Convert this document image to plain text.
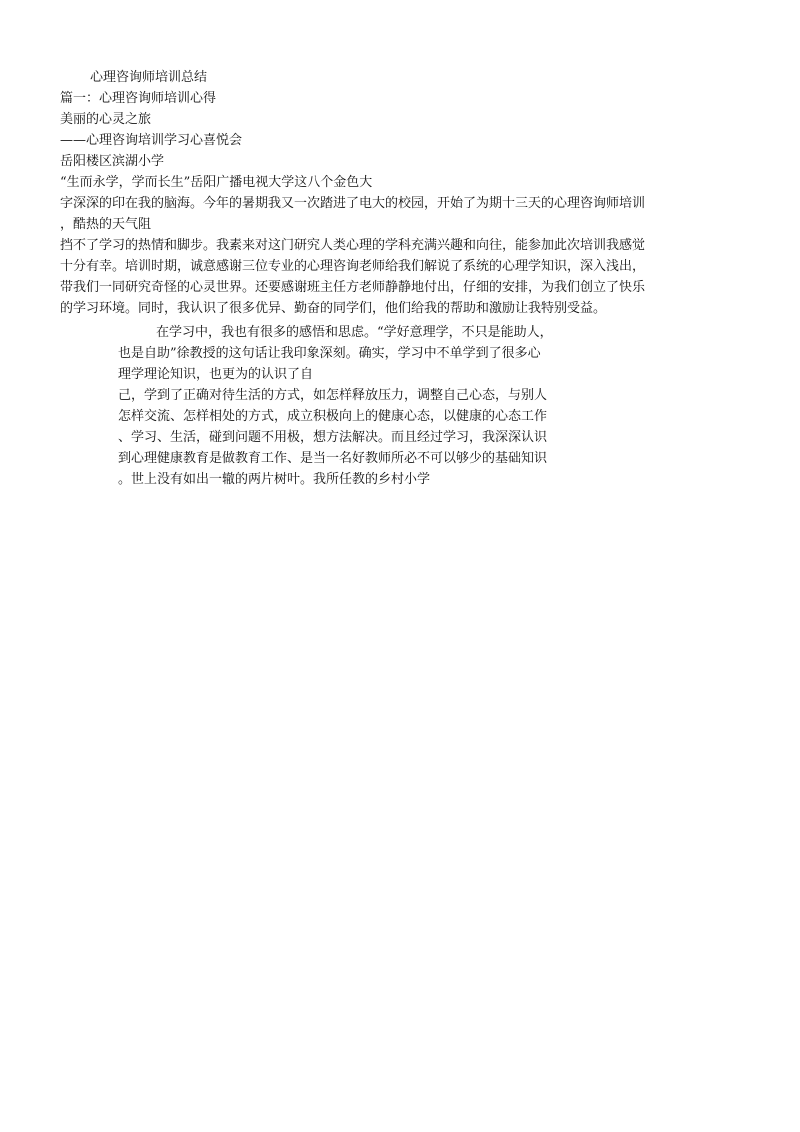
心理咨询师培训总结
篇一：心理咨询师培训心得
美丽的心灵之旅
——心理咨询培训学习心喜悦会
岳阳楼区滨湖小学
“生而永学，学而长生”岳阳广播电视大学这八个金色大
字深深的印在我的脑海。今年的暑期我又一次踏进了电大的校园，开始了为期十三天的心理咨询师培训
，酷热的天气阻
挡不了学习的热情和脚步。我素来对这门研究人类心理的学科充满兴趣和向往，能参加此次培训我感觉
十分有幸。培训时期，诚意感谢三位专业的心理咨询老师给我们解说了系统的心理学知识，深入浅出，
带我们一同研究奇怪的心灵世界。还要感谢班主任方老师静静地付出，仔细的安排，为我们创立了快乐
的学习环境。同时，我认识了很多优异、勤奋的同学们，他们给我的帮助和激励让我特别受益。
在学习中，我也有很多的感悟和思虑。“学好意理学，不只是能助人，
也是自助”徐教授的这句话让我印象深刻。确实，学习中不单学到了很多心
理学理论知识，也更为的认识了自
己，学到了正确对待生活的方式，如怎样释放压力，调整自己心态，与别人
怎样交流、怎样相处的方式，成立积极向上的健康心态，以健康的心态工作
、学习、生活，碰到问题不用极，想方法解决。而且经过学习，我深深认识
到心理健康教育是做教育工作、是当一名好教师所必不可以够少的基础知识
。世上没有如出一辙的两片树叶。我所任教的乡村小学
